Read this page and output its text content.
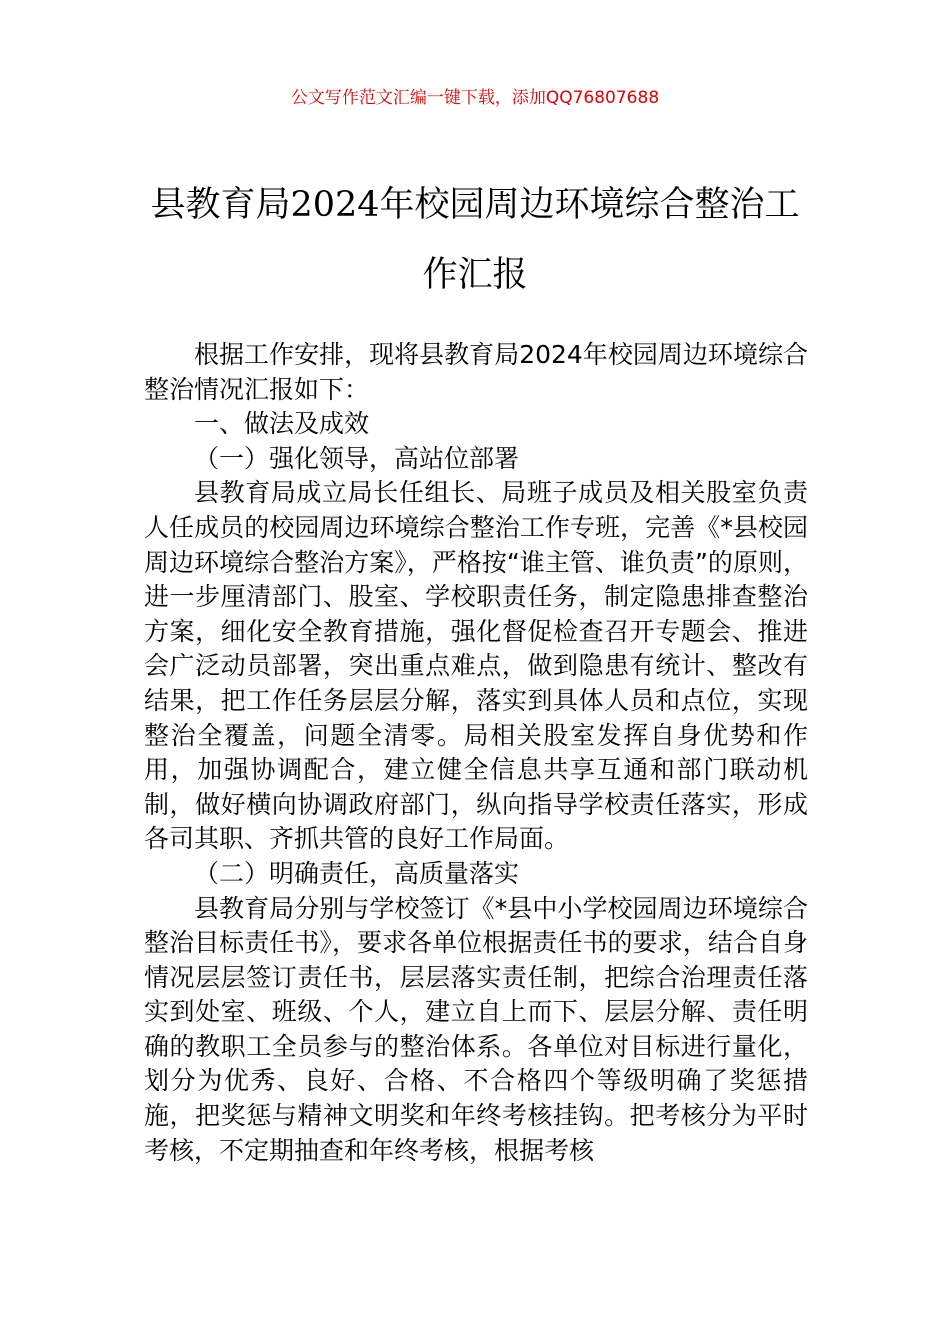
公文写作范文汇编一键下载，添加QQ76807688

县教育局2024年校园周边环境综合整治工作汇报

根据工作安排，现将县教育局2024年校园周边环境综合整治情况汇报如下：

一、做法及成效

（一）强化领导，高站位部署

县教育局成立局长任组长、局班子成员及相关股室负责人任成员的校园周边环境综合整治工作专班，完善《*县校园周边环境综合整治方案》，严格按“谁主管、谁负责”的原则，进一步厘清部门、股室、学校职责任务，制定隐患排查整治方案，细化安全教育措施，强化督促检查召开专题会、推进会广泛动员部署，突出重点难点，做到隐患有统计、整改有结果，把工作任务层层分解，落实到具体人员和点位，实现整治全覆盖，问题全清零。局相关股室发挥自身优势和作用，加强协调配合，建立健全信息共享互通和部门联动机制，做好横向协调政府部门，纵向指导学校责任落实，形成各司其职、齐抓共管的良好工作局面。

（二）明确责任，高质量落实

县教育局分别与学校签订《*县中小学校园周边环境综合整治目标责任书》，要求各单位根据责任书的要求，结合自身情况层层签订责任书，层层落实责任制，把综合治理责任落实到处室、班级、个人，建立自上而下、层层分解、责任明确的教职工全员参与的整治体系。各单位对目标进行量化，划分为优秀、良好、合格、不合格四个等级明确了奖惩措施，把奖惩与精神文明奖和年终考核挂钩。把考核分为平时考核，不定期抽查和年终考核，根据考核
